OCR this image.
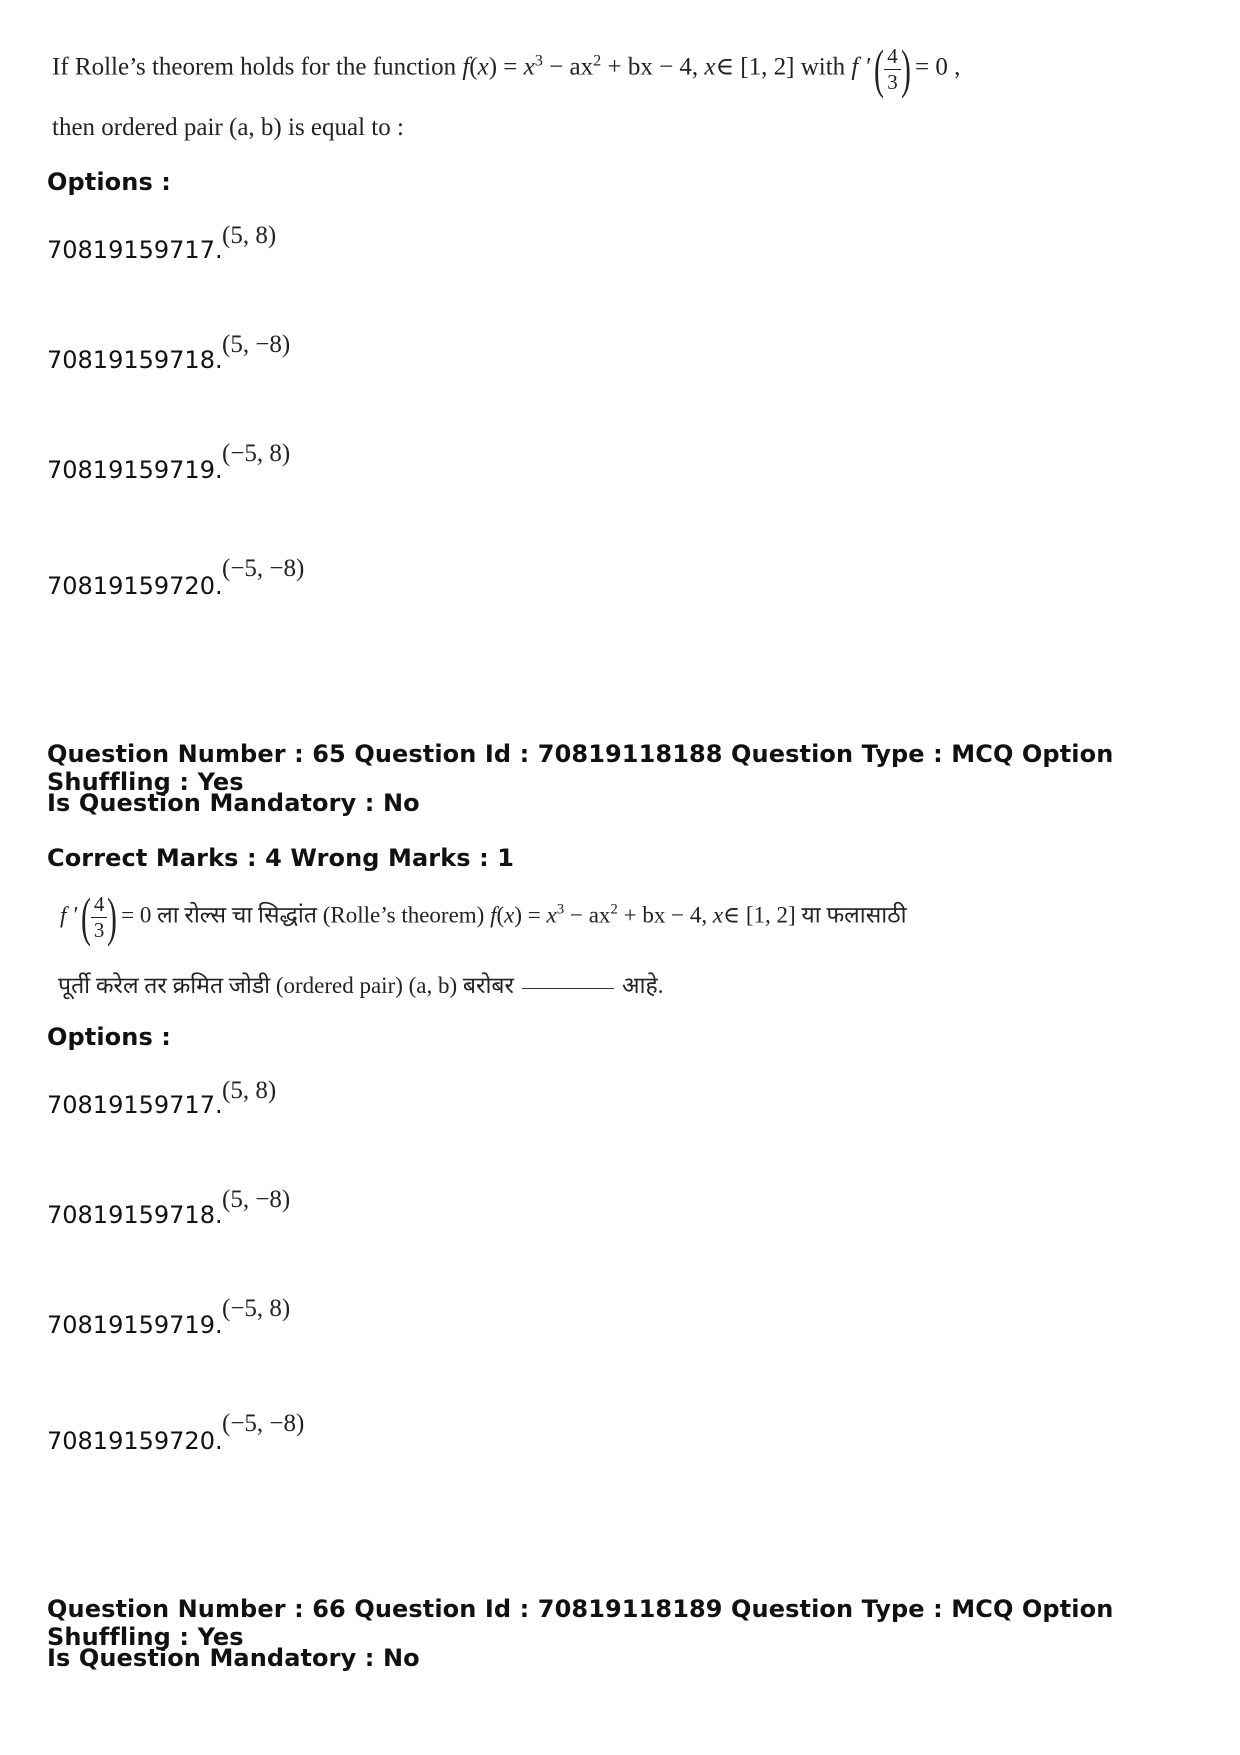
If Rolle’s theorem holds for the function $f(x) = x^3 - ax^2$ + bx − 4, x∈ [1, 2] with f ′ ( $\frac{4}{3}$ ) = 0 ,
then ordered pair (a, b) is equal to :
Options :
70819159717.
(5, 8)
70819159718.
(5, −8)
70819159719.
(−5, 8)
70819159720.
(−5, −8)
Question Number : 65 Question Id : 70819118188 Question Type : MCQ Option Shuffling : Yes
Is Question Mandatory : No
Correct Marks : 4 Wrong Marks : 1
f ′ ( $\frac{4}{3}$ ) = 0 ला रोल्स चा सिद्धांत (Rolle’s theorem) $f(x) = x^3 - ax^2$ + bx − 4, x∈ [1, 2] या फलासाठी
पूर्ती करेल तर क्रमित जोडी (ordered pair) (a, b) बरोबर	आहे.
Options :
70819159717.
(5, 8)
70819159718.
(5, −8)
70819159719.
(−5, 8)
70819159720.
(−5, −8)
Question Number : 66 Question Id : 70819118189 Question Type : MCQ Option Shuffling : Yes
Is Question Mandatory : No
